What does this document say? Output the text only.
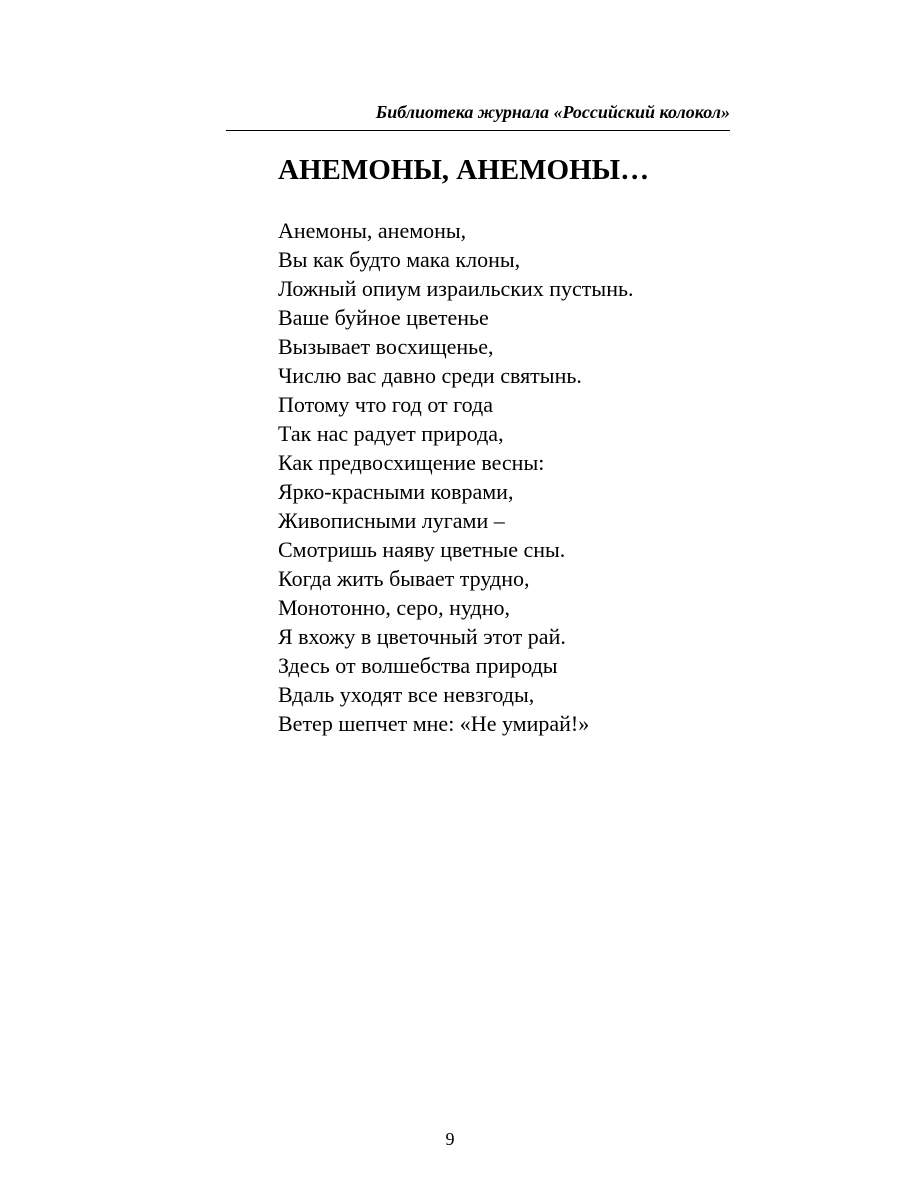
Библиотека журнала «Российский колокол»
АНЕМОНЫ, АНЕМОНЫ…
Анемоны, анемоны,
Вы как будто мака клоны,
Ложный опиум израильских пустынь.
Ваше буйное цветенье
Вызывает восхищенье,
Числю вас давно среди святынь.
Потому что год от года
Так нас радует природа,
Как предвосхищение весны:
Ярко-красными коврами,
Живописными лугами –
Смотришь наяву цветные сны.
Когда жить бывает трудно,
Монотонно, серо, нудно,
Я вхожу в цветочный этот рай.
Здесь от волшебства природы
Вдаль уходят все невзгоды,
Ветер шепчет мне: «Не умирай!»
9
